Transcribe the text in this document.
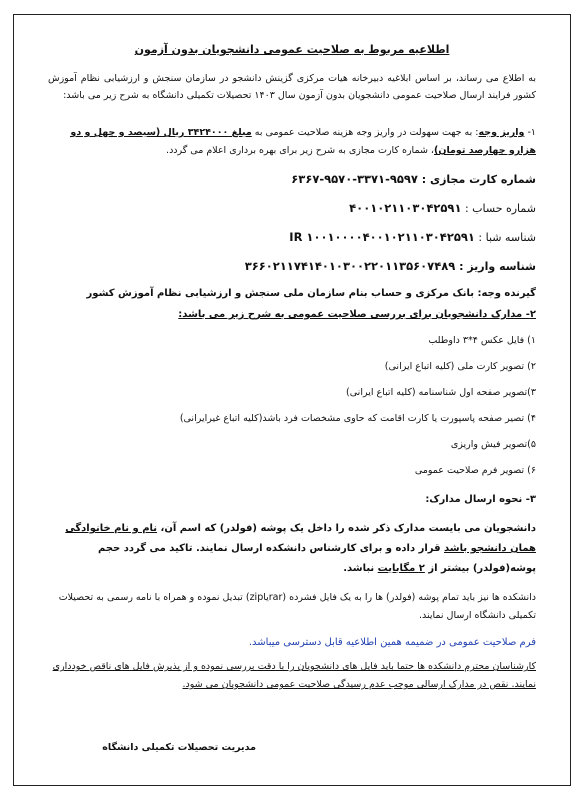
اطلاعیه مربوط به صلاحیت عمومی دانشجویان بدون آزمون

به اطلاع می رساند، بر اساس ابلاغیه دبیرخانه هیات مرکزی گزینش دانشجو در سازمان سنجش و ارزشیابی نظام آموزش کشور فرایند ارسال صلاحیت عمومی دانشجویان بدون آزمون سال ۱۴۰۳ تحصیلات تکمیلی دانشگاه به شرح زیر می باشد:

۱- واریز وجه: به جهت سهولت در واریز وجه هزینه صلاحیت عمومی به مبلغ ۳۴۲۴۰۰۰ ریال (سیصد و چهل و دو هزارو چهارصد تومان)، شماره کارت مجازی به شرح زیر برای بهره برداری اعلام می گردد.

شماره کارت مجازی : ۹۵۹۷-۳۳۷۱-۹۵۷۰-۶۳۶۷

شماره حساب : ۴۰۰۱۰۲۱۱۰۳۰۴۲۵۹۱

شناسه شبا : IR ۱۰۰۱۰۰۰۰۴۰۰۱۰۲۱۱۰۳۰۴۲۵۹۱

شناسه واریز : ۳۶۶۰۲۱۱۷۴۱۴۰۱۰۳۰۰۲۲۰۱۱۳۵۶۰۷۴۸۹

گیرنده وجه: بانک مرکزی و حساب بنام سازمان ملی سنجش و ارزشیابی نظام آموزش کشور

۲- مدارک دانشجویان برای بررسی صلاحیت عمومی به شرح زیر می باشد:

۱) فایل عکس ۴*۳ داوطلب
۲) تصویر کارت ملی (کلیه اتباع ایرانی)
۳)تصویر صفحه اول شناسنامه (کلیه اتباع ایرانی)
۴) تصیر صفحه پاسپورت یا کارت اقامت که حاوی مشخصات فرد باشد(کلیه اتباع غیرایرانی)
۵)تصویر فیش واریزی
۶) تصویر فرم صلاحیت عمومی

۳- نحوه ارسال مدارک:

دانشجویان می بایست مدارک ذکر شده را داخل یک پوشه (فولدر) که اسم آن، نام و نام خانوادگی همان دانشجو باشد قرار داده و برای کارشناس دانشکده ارسال نمایند. تاکید می گردد حجم پوشه(فولدر) بیشتر از ۲ مگابایت نباشد.

دانشکده ها نیز باید تمام پوشه (فولدر) ها را به یک فایل فشرده (rarیاzip) تبدیل نموده و همراه با نامه رسمی به تحصیلات تکمیلی دانشگاه ارسال نمایند.

فرم صلاحیت عمومی در ضمیمه همین اطلاعیه قابل دسترسی میباشد.

کارشناسان محترم دانشکده ها حتما باید فایل های دانشجویان را با دقت بررسی نموده و از پذیرش فایل های ناقص خودداری نمایند. نقص در مدارک ارسالی موجب عدم رسیدگی صلاحیت عمومی دانشجویان می شود.

مدیریت تحصیلات تکمیلی دانشگاه
